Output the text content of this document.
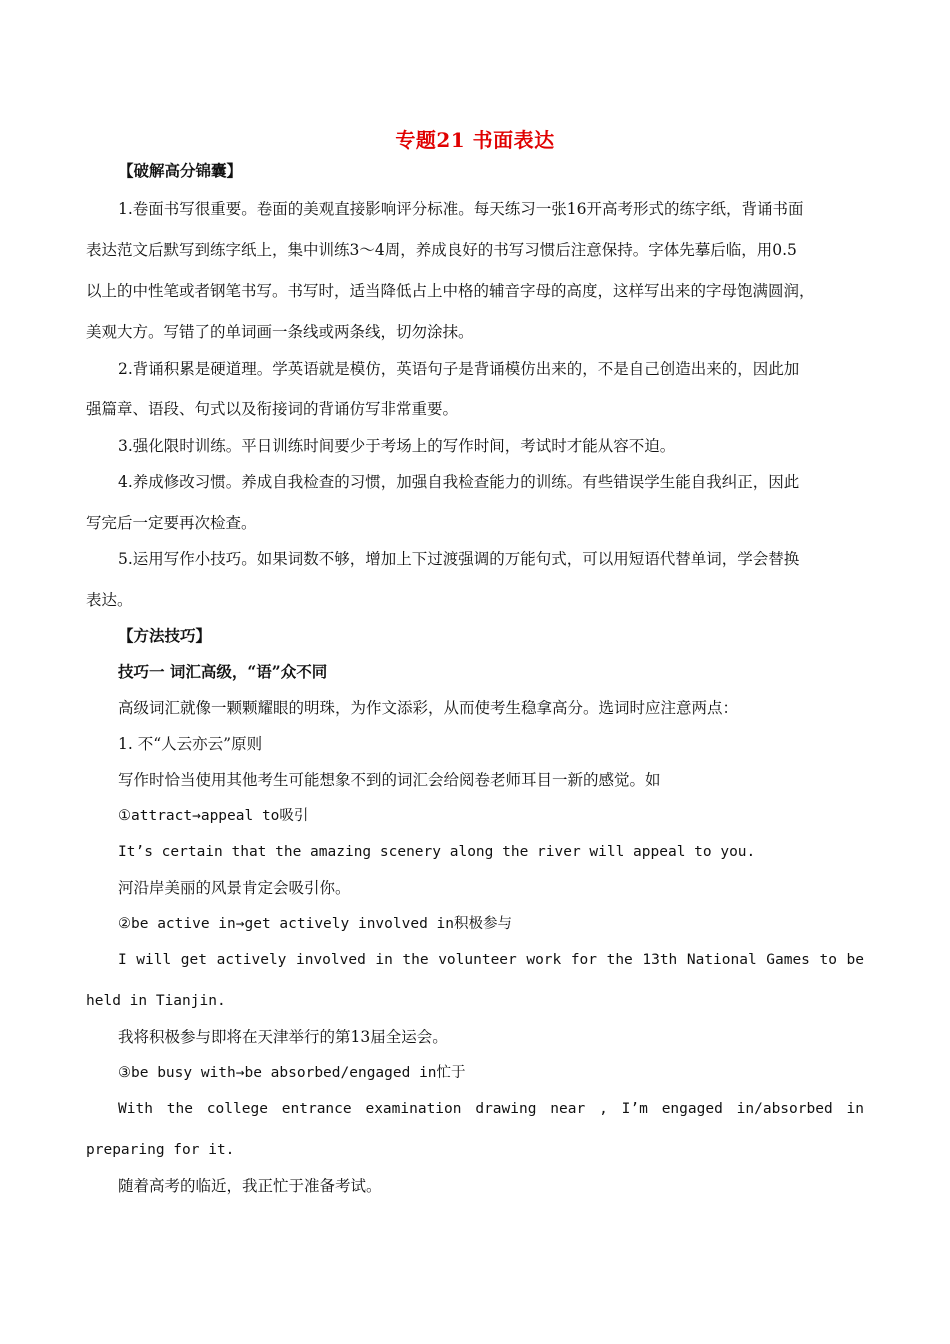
专题21 书面表达
【破解高分锦囊】
1.卷面书写很重要。卷面的美观直接影响评分标准。每天练习一张16开高考形式的练字纸，背诵书面
表达范文后默写到练字纸上，集中训练3～4周，养成良好的书写习惯后注意保持。字体先摹后临，用0.5
以上的中性笔或者钢笔书写。书写时，适当降低占上中格的辅音字母的高度，这样写出来的字母饱满圆润，
美观大方。写错了的单词画一条线或两条线，切勿涂抹。
2.背诵积累是硬道理。学英语就是模仿，英语句子是背诵模仿出来的，不是自己创造出来的，因此加
强篇章、语段、句式以及衔接词的背诵仿写非常重要。
3.强化限时训练。平日训练时间要少于考场上的写作时间，考试时才能从容不迫。
4.养成修改习惯。养成自我检查的习惯，加强自我检查能力的训练。有些错误学生能自我纠正，因此
写完后一定要再次检查。
5.运用写作小技巧。如果词数不够，增加上下过渡强调的万能句式，可以用短语代替单词，学会替换
表达。
【方法技巧】
技巧一 词汇高级，“语”众不同
高级词汇就像一颗颗耀眼的明珠，为作文添彩，从而使考生稳拿高分。选词时应注意两点：
1. 不“人云亦云”原则
写作时恰当使用其他考生可能想象不到的词汇会给阅卷老师耳目一新的感觉。如
①attract→appeal to吸引
It’s certain that the amazing scenery along the river will appeal to you.
河沿岸美丽的风景肯定会吸引你。
②be active in→get actively involved in积极参与
I will get actively involved in the volunteer work for the 13th National Games to be
held in Tianjin.
我将积极参与即将在天津举行的第13届全运会。
③be busy with→be absorbed/engaged in忙于
With the college entrance examination drawing near , I’m engaged in/absorbed in
preparing for it.
随着高考的临近，我正忙于准备考试。
